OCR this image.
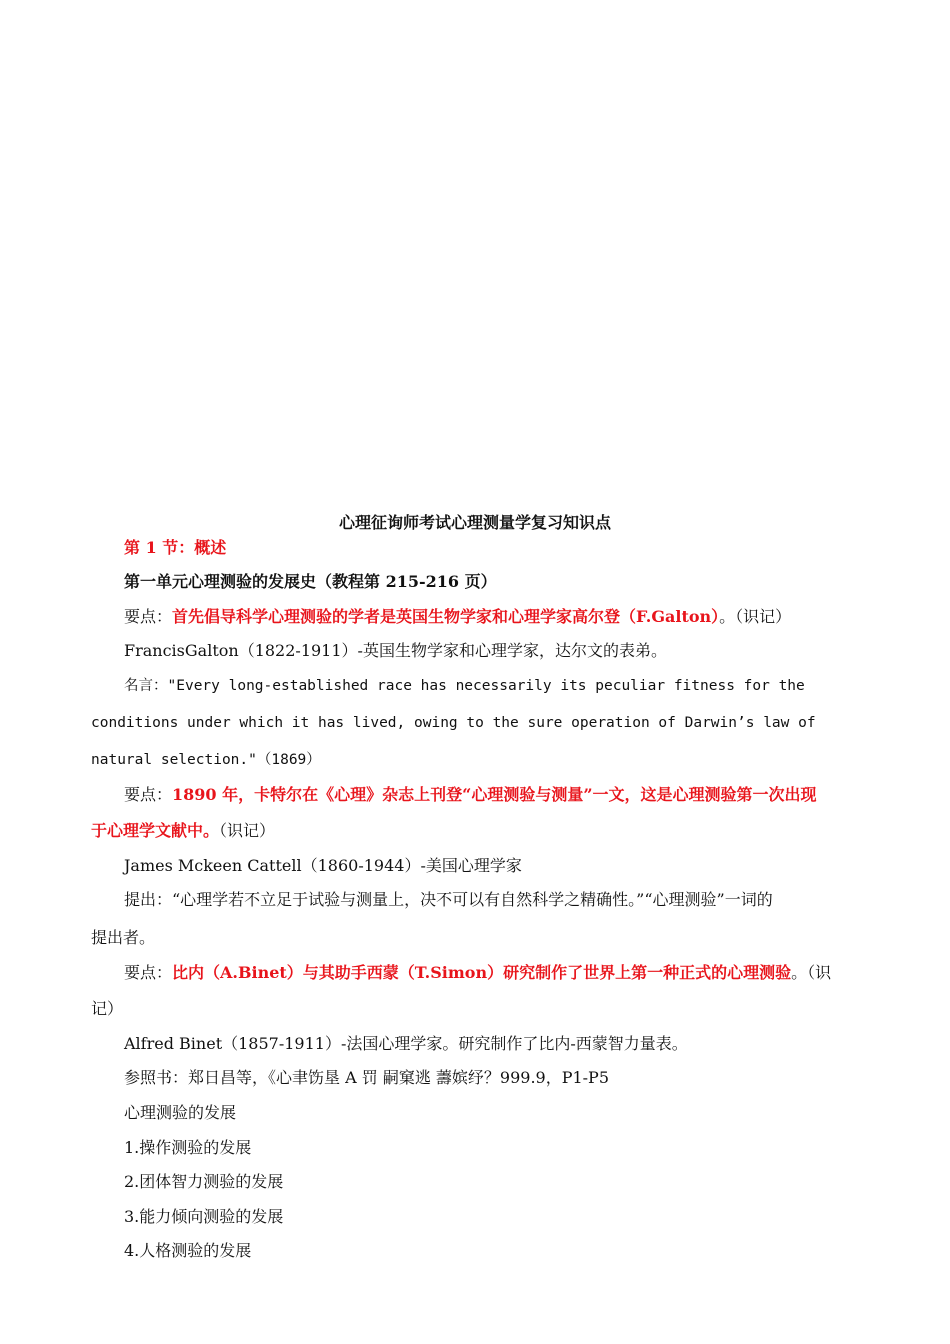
心理征询师考试心理测量学复习知识点
第 1 节：概述
第一单元心理测验的发展史（教程第 215-216 页）
要点：首先倡导科学心理测验的学者是英国生物学家和心理学家高尔登（F.Galton）。（识记）
FrancisGalton（1822-1911）-英国生物学家和心理学家，达尔文的表弟。
名言："Every long-established race has necessarily its peculiar fitness for the
conditions under which it has lived, owing to the sure operation of Darwin’s law of
natural selection."（1869）
要点：1890 年，卡特尔在《心理》杂志上刊登“心理测验与测量”一文，这是心理测验第一次出现
于心理学文献中。（识记）
James Mckeen Cattell（1860-1944）-美国心理学家
提出：“心理学若不立足于试验与测量上，决不可以有自然科学之精确性。”“心理测验”一词的
提出者。
要点：比内（A.Binet）与其助手西蒙（T.Simon）研究制作了世界上第一种正式的心理测验。（识
记）
Alfred Binet（1857-1911）-法国心理学家。研究制作了比内-西蒙智力量表。
参照书：郑日昌等，《心聿饬垦 A 罚 嗣窠逃 薵嫔纾？999.9，P1-P5
心理测验的发展
1.操作测验的发展
2.团体智力测验的发展
3.能力倾向测验的发展
4.人格测验的发展
